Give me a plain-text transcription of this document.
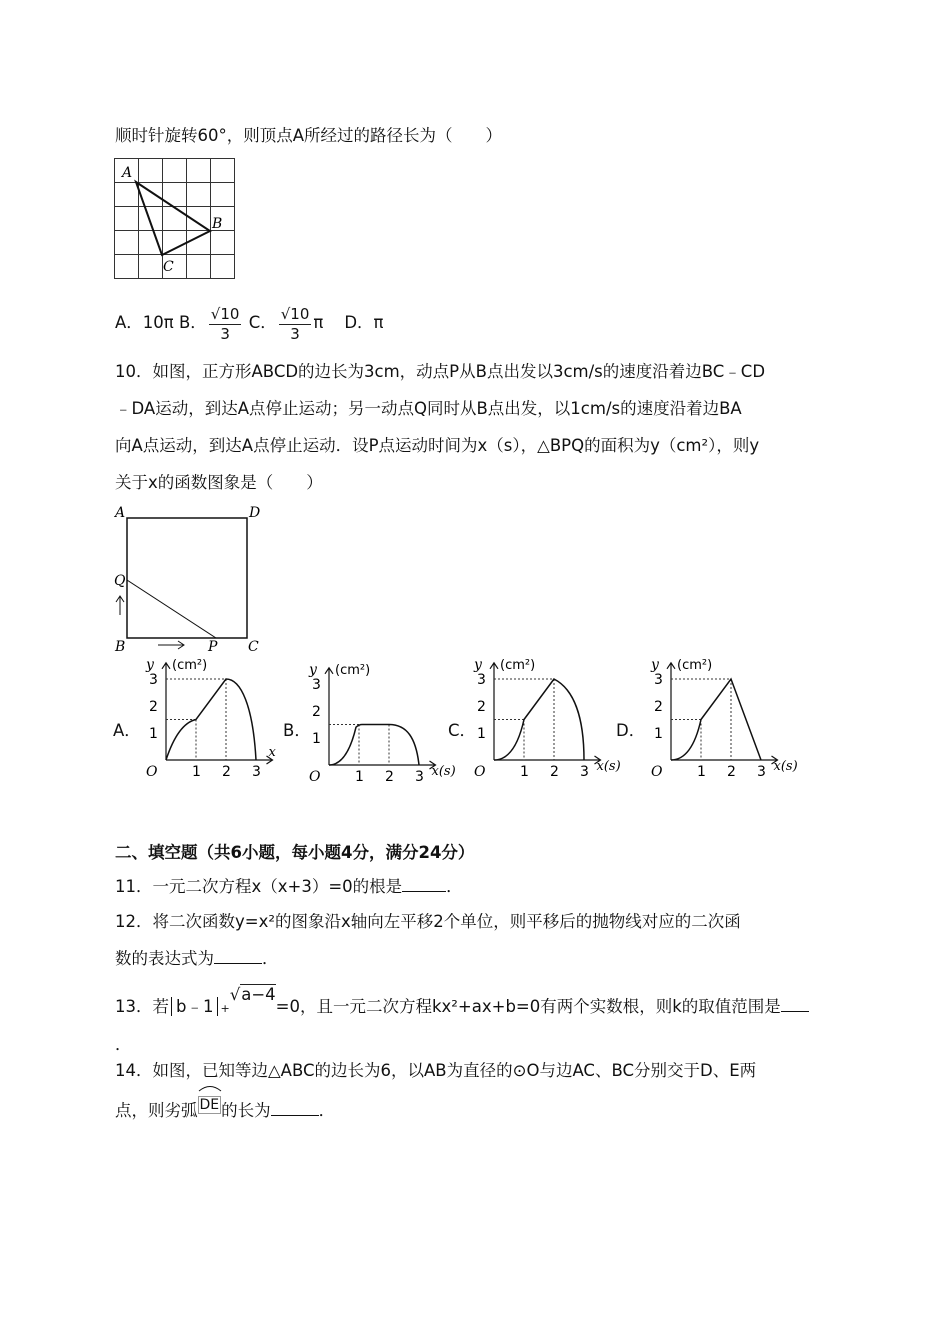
顺时针旋转60°，则顶点A所经过的路径长为（　　）
A
B
C
A．10π B． $\frac{√10}{3}$ C． $\frac{√10}{3}$ π D．π
10．如图，正方形ABCD的边长为3cm，动点P从B点出发以3cm/s的速度沿着边BC﹣CD
﹣DA运动，到达A点停止运动；另一动点Q同时从B点出发，以1cm/s的速度沿着边BA
向A点运动，到达A点停止运动．设P点运动时间为x（s），△BPQ的面积为y（cm²），则y
关于x的函数图象是（　　）
A	D
Q
B	P C
A．	B．	C．	D．
1 2 3
1
2
3
O
y (cm²)
x
1 2 3
1
2
3
O
y (cm²)
x(s)	1 2 3
1
2
3
O
y (cm²)
x(s)	1 2 3
1
2
3
O
y (cm²)
x(s)
二、填空题（共6小题，每小题4分，满分24分）
11．一元二次方程x（x+3）=0的根是	．
12．将二次函数y=x²的图象沿x轴向左平移2个单位，则平移后的抛物线对应的二次函
数的表达式为	．
13．若 b﹣1 +√a−4=0，且一元二次方程kx²+ax+b=0有两个实数根，则k的取值范围是
．
14．如图，已知等边△ABC的边长为6，以AB为直径的⊙O与边AC、BC分别交于D、E两
点，则劣弧 DE 的长为	．
